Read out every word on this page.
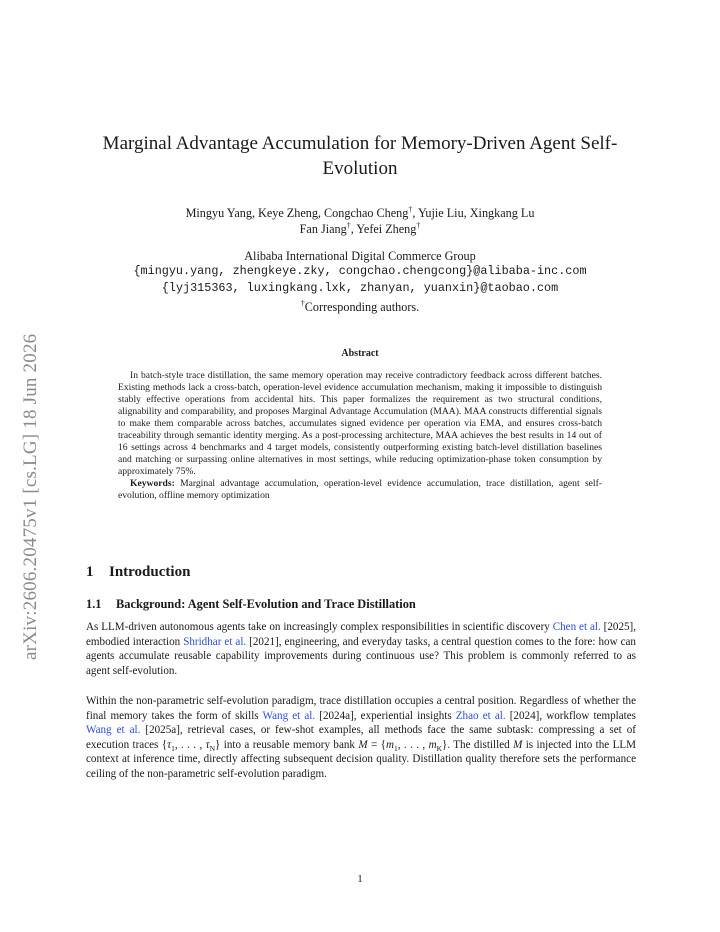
arXiv:2606.20475v1 [cs.LG] 18 Jun 2026
Marginal Advantage Accumulation for Memory-Driven Agent Self-Evolution
Mingyu Yang, Keye Zheng, Congchao Cheng†, Yujie Liu, Xingkang Lu
Fan Jiang†, Yefei Zheng†
Alibaba International Digital Commerce Group
{mingyu.yang, zhengkeye.zky, congchao.chengcong}@alibaba-inc.com
{lyj315363, luxingkang.lxk, zhanyan, yuanxin}@taobao.com
†Corresponding authors.
Abstract

In batch-style trace distillation, the same memory operation may receive contradictory feedback across different batches. Existing methods lack a cross-batch, operation-level evidence accumulation mechanism, making it impossible to distinguish stably effective operations from accidental hits. This paper formalizes the requirement as two structural conditions, alignability and comparability, and proposes Marginal Advantage Accumulation (MAA). MAA constructs differential signals to make them comparable across batches, accumulates signed evidence per operation via EMA, and ensures cross-batch traceability through semantic identity merging. As a post-processing architecture, MAA achieves the best results in 14 out of 16 settings across 4 benchmarks and 4 target models, consistently outperforming existing batch-level distillation baselines and matching or surpassing online alternatives in most settings, while reducing optimization-phase token consumption by approximately 75%.

Keywords: Marginal advantage accumulation, operation-level evidence accumulation, trace distillation, agent self-evolution, offline memory optimization

1 Introduction
1.1 Background: Agent Self-Evolution and Trace Distillation

As LLM-driven autonomous agents take on increasingly complex responsibilities in scientific discovery Chen et al. [2025], embodied interaction Shridhar et al. [2021], engineering, and everyday tasks, a central question comes to the fore: how can agents accumulate reusable capability improvements during continuous use? This problem is commonly referred to as agent self-evolution.

Within the non-parametric self-evolution paradigm, trace distillation occupies a central position. Regardless of whether the final memory takes the form of skills Wang et al. [2024a], experiential insights Zhao et al. [2024], workflow templates Wang et al. [2025a], retrieval cases, or few-shot examples, all methods face the same subtask: compressing a set of execution traces {$\tau_1$, . . . , $\tau_N$} into a reusable memory bank $M = \{m_1$, . . . , $m_K$}. The distilled M is injected into the LLM context at inference time, directly affecting subsequent decision quality. Distillation quality therefore sets the performance ceiling of the non-parametric self-evolution paradigm.

1
